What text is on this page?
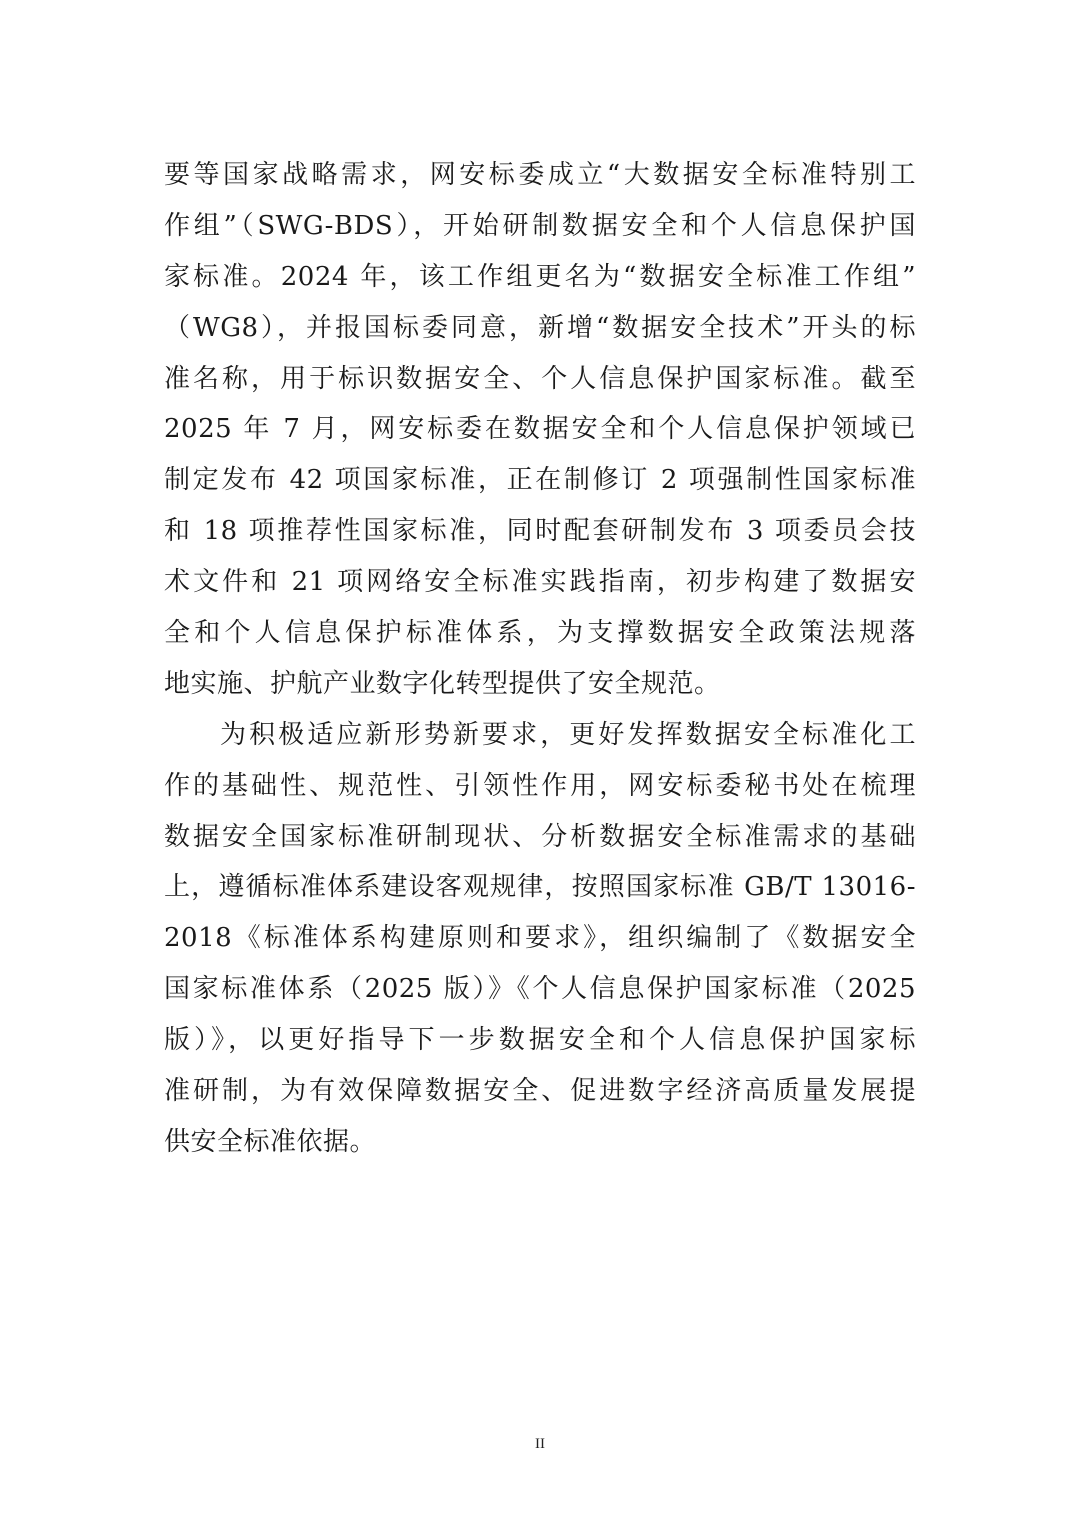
要等国家战略需求，网安标委成立“大数据安全标准特别工
作组”（SWG-BDS），开始研制数据安全和个人信息保护国
家标准。2024 年，该工作组更名为“数据安全标准工作组”
（WG8），并报国标委同意，新增“数据安全技术”开头的标
准名称，用于标识数据安全、个人信息保护国家标准。截至
2025 年 7 月，网安标委在数据安全和个人信息保护领域已
制定发布 42 项国家标准，正在制修订 2 项强制性国家标准
和 18 项推荐性国家标准，同时配套研制发布 3 项委员会技
术文件和 21 项网络安全标准实践指南，初步构建了数据安
全和个人信息保护标准体系，为支撑数据安全政策法规落
地实施、护航产业数字化转型提供了安全规范。
为积极适应新形势新要求，更好发挥数据安全标准化工
作的基础性、规范性、引领性作用，网安标委秘书处在梳理
数据安全国家标准研制现状、分析数据安全标准需求的基础
上，遵循标准体系建设客观规律，按照国家标准 GB/T 13016-
2018《标准体系构建原则和要求》，组织编制了《数据安全
国家标准体系（2025 版）》《个人信息保护国家标准（2025
版）》，以更好指导下一步数据安全和个人信息保护国家标
准研制，为有效保障数据安全、促进数字经济高质量发展提
供安全标准依据。
II
